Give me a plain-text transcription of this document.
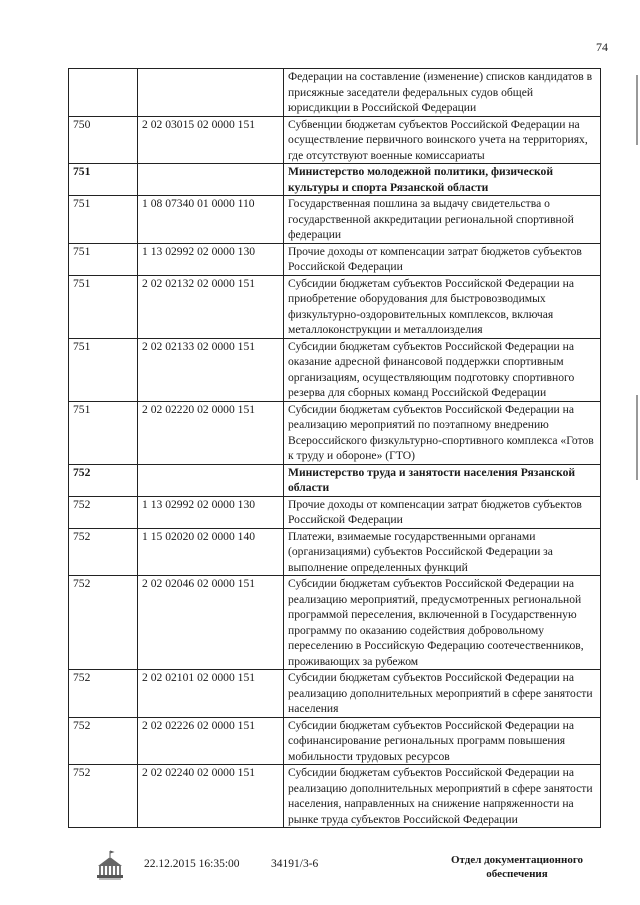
74
		Федерации на составление (изменение) списков кандидатов в присяжные заседатели федеральных судов общей юрисдикции в Российской Федерации
750	2 02 03015 02 0000 151	Субвенции бюджетам субъектов Российской Федерации на осуществление первичного воинского учета на территориях, где отсутствуют военные комиссариаты
751		Министерство молодежной политики, физической культуры и спорта Рязанской области
751	1 08 07340 01 0000 110	Государственная пошлина за выдачу свидетельства о государственной аккредитации региональной спортивной федерации
751	1 13 02992 02 0000 130	Прочие доходы от компенсации затрат бюджетов субъектов Российской Федерации
751	2 02 02132 02 0000 151	Субсидии бюджетам субъектов Российской Федерации на приобретение оборудования для быстровозводимых физкультурно-оздоровительных комплексов, включая металлоконструкции и металлоизделия
751	2 02 02133 02 0000 151	Субсидии бюджетам субъектов Российской Федерации на оказание адресной финансовой поддержки спортивным организациям, осуществляющим подготовку спортивного резерва для сборных команд Российской Федерации
751	2 02 02220 02 0000 151	Субсидии бюджетам субъектов Российской Федерации на реализацию мероприятий по поэтапному внедрению Всероссийского физкультурно-спортивного комплекса «Готов к труду и обороне» (ГТО)
752		Министерство труда и занятости населения Рязанской области
752	1 13 02992 02 0000 130	Прочие доходы от компенсации затрат бюджетов субъектов Российской Федерации
752	1 15 02020 02 0000 140	Платежи, взимаемые государственными органами (организациями) субъектов Российской Федерации за выполнение определенных функций
752	2 02 02046 02 0000 151	Субсидии бюджетам субъектов Российской Федерации на реализацию мероприятий, предусмотренных региональной программой переселения, включенной в Государственную программу по оказанию содействия добровольному переселению в Российскую Федерацию соотечественников, проживающих за рубежом
752	2 02 02101 02 0000 151	Субсидии бюджетам субъектов Российской Федерации на реализацию дополнительных мероприятий в сфере занятости населения
752	2 02 02226 02 0000 151	Субсидии бюджетам субъектов Российской Федерации на софинансирование региональных программ повышения мобильности трудовых ресурсов
752	2 02 02240 02 0000 151	Субсидии бюджетам субъектов Российской Федерации на реализацию дополнительных мероприятий в сфере занятости населения, направленных на снижение напряженности на рынке труда субъектов Российской Федерации
22.12.2015 16:35:00	34191/3-6	Отдел документационного обеспечения
